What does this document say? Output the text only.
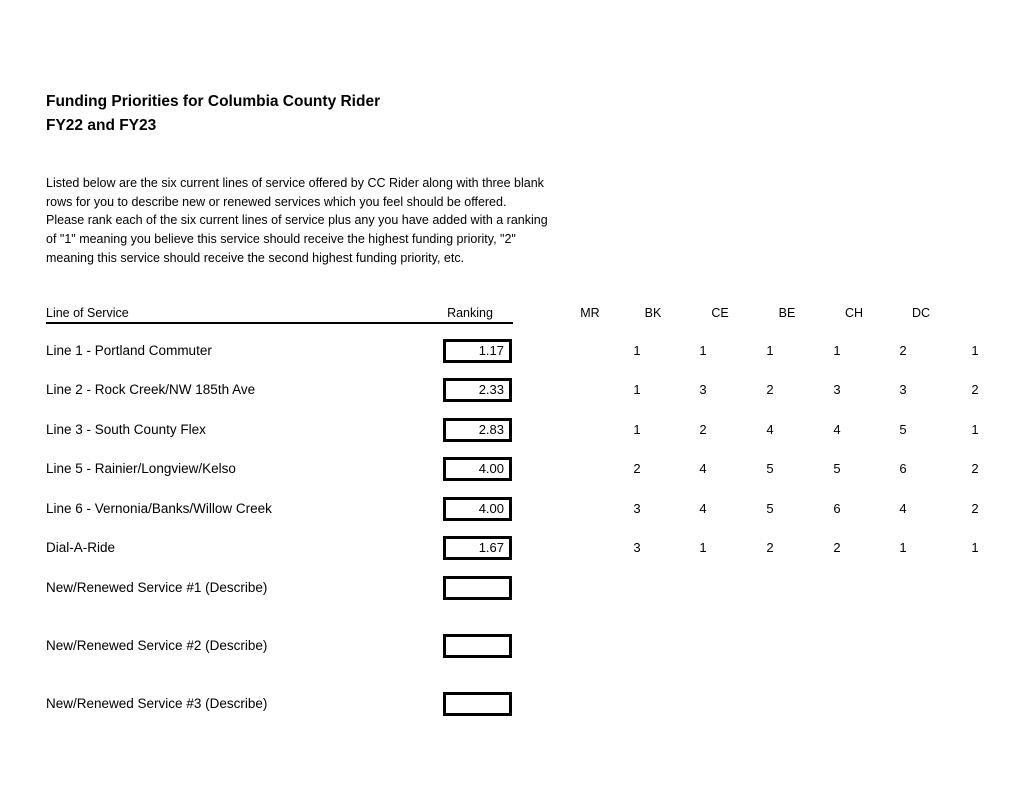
Funding Priorities for Columbia County Rider
FY22 and FY23
Listed below are the six current lines of service offered by CC Rider along with three blank
rows for you to describe new or renewed services which you feel should be offered.
Please rank each of the six current lines of service plus any you have added with a ranking
of "1" meaning you believe this service should receive the highest funding priority, "2"
meaning this service should receive the second highest funding priority, etc.
Line of Service	Ranking	MR	BK	CE	BE	CH	DC
Line 1 - Portland Commuter	1.17	1	1	1	1	2	1
Line 2 - Rock Creek/NW 185th Ave	2.33	1	3	2	3	3	2
Line 3 - South County Flex	2.83	1	2	4	4	5	1
Line 5 - Rainier/Longview/Kelso	4.00	2	4	5	5	6	2
Line 6 - Vernonia/Banks/Willow Creek	4.00	3	4	5	6	4	2
Dial-A-Ride	1.67	3	1	2	2	1	1
New/Renewed Service #1 (Describe)
New/Renewed Service #2 (Describe)
New/Renewed Service #3 (Describe)
